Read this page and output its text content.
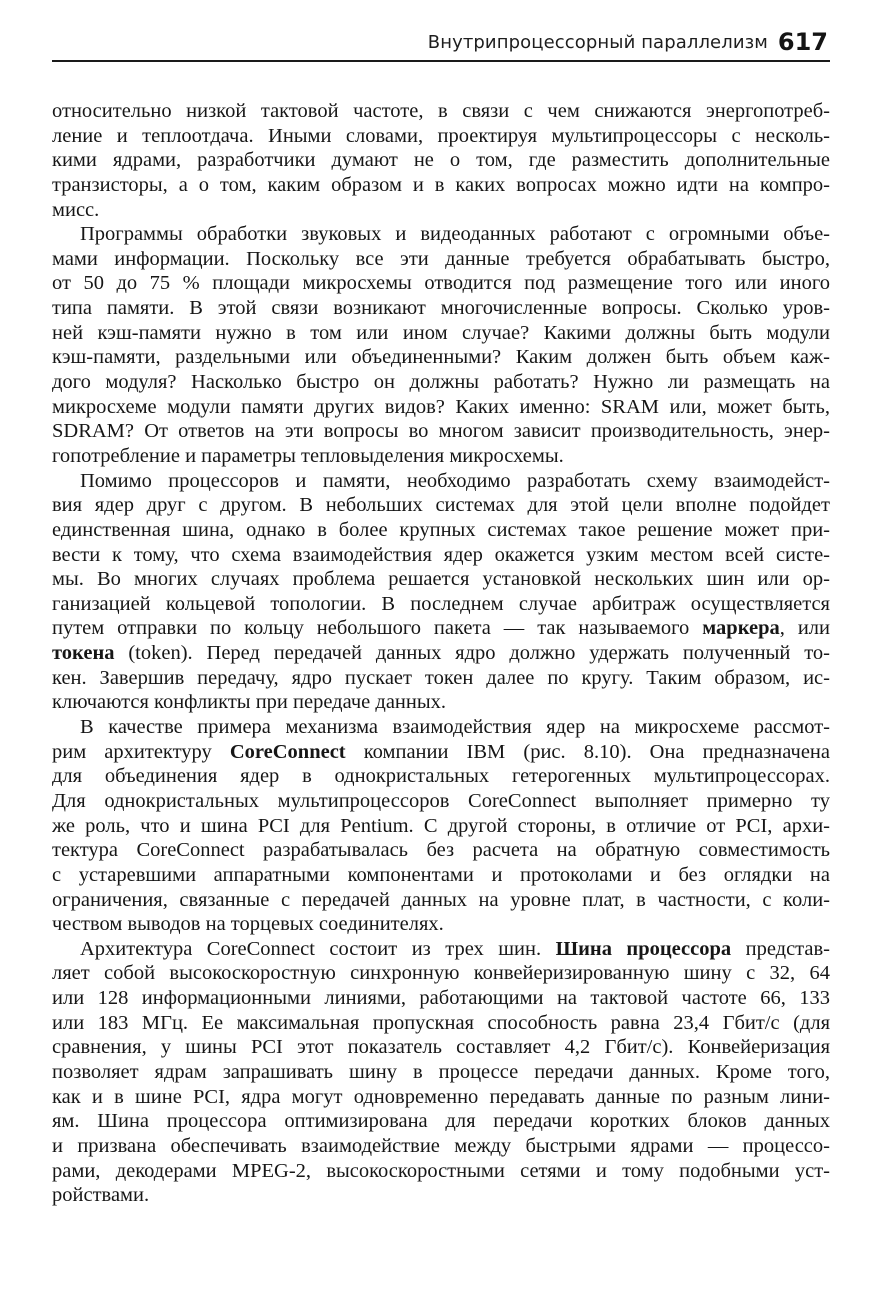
Внутрипроцессорный параллелизм 617
относительно низкой тактовой частоте, в связи с чем снижаются энергопотреб-
ление и теплоотдача. Иными словами, проектируя мультипроцессоры с несколь-
кими ядрами, разработчики думают не о том, где разместить дополнительные
транзисторы, а о том, каким образом и в каких вопросах можно идти на компро-
мисс.
Программы обработки звуковых и видеоданных работают с огромными объе-
мами информации. Поскольку все эти данные требуется обрабатывать быстро,
от 50 до 75 % площади микросхемы отводится под размещение того или иного
типа памяти. В этой связи возникают многочисленные вопросы. Сколько уров-
ней кэш-памяти нужно в том или ином случае? Какими должны быть модули
кэш-памяти, раздельными или объединенными? Каким должен быть объем каж-
дого модуля? Насколько быстро он должны работать? Нужно ли размещать на
микросхеме модули памяти других видов? Каких именно: SRAM или, может быть,
SDRAM? От ответов на эти вопросы во многом зависит производительность, энер-
гопотребление и параметры тепловыделения микросхемы.
Помимо процессоров и памяти, необходимо разработать схему взаимодейст-
вия ядер друг с другом. В небольших системах для этой цели вполне подойдет
единственная шина, однако в более крупных системах такое решение может при-
вести к тому, что схема взаимодействия ядер окажется узким местом всей систе-
мы. Во многих случаях проблема решается установкой нескольких шин или ор-
ганизацией кольцевой топологии. В последнем случае арбитраж осуществляется
путем отправки по кольцу небольшого пакета — так называемого маркера, или
токена (token). Перед передачей данных ядро должно удержать полученный то-
кен. Завершив передачу, ядро пускает токен далее по кругу. Таким образом, ис-
ключаются конфликты при передаче данных.
В качестве примера механизма взаимодействия ядер на микросхеме рассмот-
рим архитектуру CoreConnect компании IBM (рис. 8.10). Она предназначена
для объединения ядер в однокристальных гетерогенных мультипроцессорах.
Для однокристальных мультипроцессоров CoreConnect выполняет примерно ту
же роль, что и шина PCI для Pentium. С другой стороны, в отличие от PCI, архи-
тектура CoreConnect разрабатывалась без расчета на обратную совместимость
с устаревшими аппаратными компонентами и протоколами и без оглядки на
ограничения, связанные с передачей данных на уровне плат, в частности, с коли-
чеством выводов на торцевых соединителях.
Архитектура CoreConnect состоит из трех шин. Шина процессора представ-
ляет собой высокоскоростную синхронную конвейеризированную шину с 32, 64
или 128 информационными линиями, работающими на тактовой частоте 66, 133
или 183 МГц. Ее максимальная пропускная способность равна 23,4 Гбит/с (для
сравнения, у шины PCI этот показатель составляет 4,2 Гбит/с). Конвейеризация
позволяет ядрам запрашивать шину в процессе передачи данных. Кроме того,
как и в шине PCI, ядра могут одновременно передавать данные по разным лини-
ям. Шина процессора оптимизирована для передачи коротких блоков данных
и призвана обеспечивать взаимодействие между быстрыми ядрами — процессо-
рами, декодерами MPEG-2, высокоскоростными сетями и тому подобными уст-
ройствами.
